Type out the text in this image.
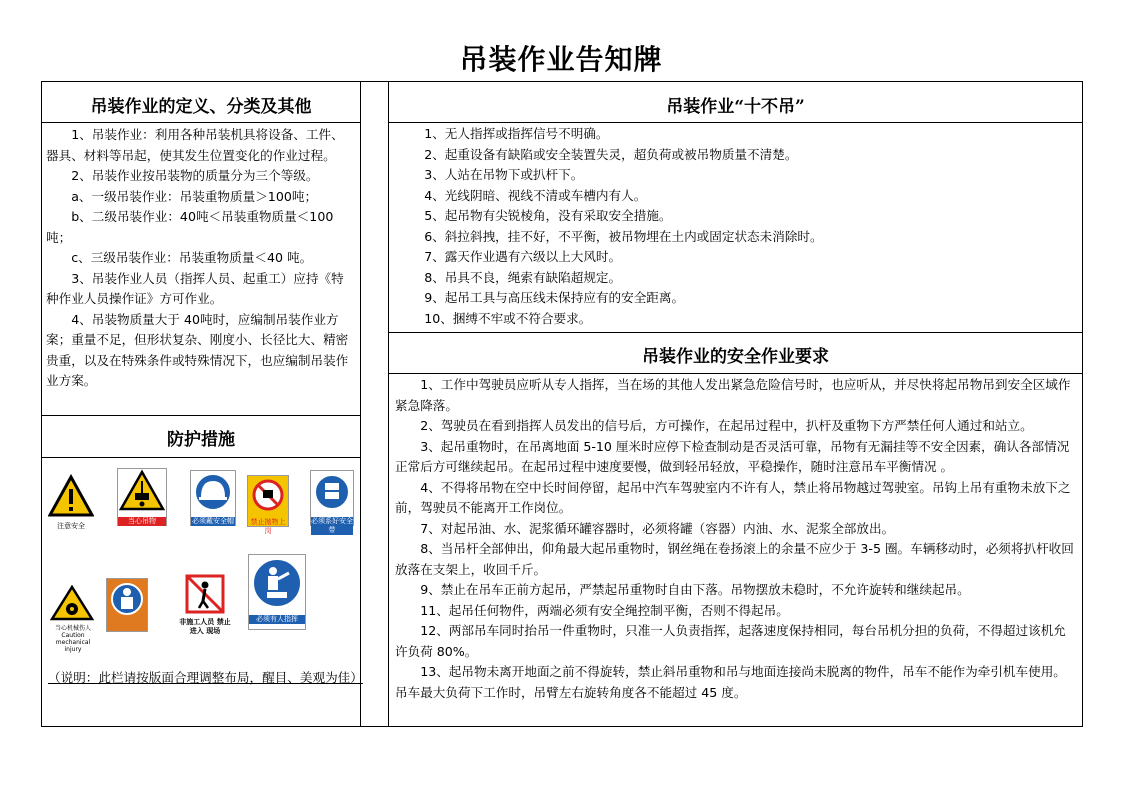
吊装作业告知牌
吊装作业的定义、分类及其他

1、吊装作业：利用各种吊装机具将设备、工件、器具、材料等吊起，使其发生位置变化的作业过程。

2、吊装作业按吊装物的质量分为三个等级。

a、一级吊装作业：吊装重物质量＞100吨；

b、二级吊装作业：40吨＜吊装重物质量＜100吨；

c、三级吊装作业：吊装重物质量＜40 吨。

3、吊装作业人员（指挥人员、起重工）应持《特种作业人员操作证》方可作业。

4、吊装物质量大于 40吨时，应编制吊装作业方案；重量不足，但形状复杂、刚度小、长径比大、精密贵重，以及在特殊条件或特殊情况下，也应编制吊装作业方案。

防护措施
注意安全
当心吊物	必须戴安全帽	禁止抛物上岗
必须系好安全带
当心机械伤人 Caution mechanical injury
非施工人员 禁止进入 现场
必须有人指挥
（说明：此栏请按版面合理调整布局，醒目、美观为佳）
吊装作业“十不吊”

1、无人指挥或指挥信号不明确。

2、起重设备有缺陷或安全装置失灵，超负荷或被吊物质量不清楚。

3、人站在吊物下或扒杆下。

4、光线阴暗、视线不清或车槽内有人。

5、起吊物有尖锐棱角，没有采取安全措施。

6、斜拉斜拽，挂不好，不平衡，被吊物埋在土内或固定状态未消除时。

7、露天作业遇有六级以上大风时。

8、吊具不良，绳索有缺陷超规定。

9、起吊工具与高压线未保持应有的安全距离。

10、捆缚不牢或不符合要求。

吊装作业的安全作业要求

1、工作中驾驶员应听从专人指挥，当在场的其他人发出紧急危险信号时，也应听从，并尽快将起吊物吊到安全区域作紧急降落。

2、驾驶员在看到指挥人员发出的信号后，方可操作，在起吊过程中，扒杆及重物下方严禁任何人通过和站立。

3、起吊重物时，在吊离地面 5-10 厘米时应停下检查制动是否灵活可靠，吊物有无漏挂等不安全因素，确认各部情况正常后方可继续起吊。在起吊过程中速度要慢，做到轻吊轻放，平稳操作，随时注意吊车平衡情况 。

4、不得将吊物在空中长时间停留，起吊中汽车驾驶室内不许有人，禁止将吊物越过驾驶室。吊钩上吊有重物未放下之前，驾驶员不能离开工作岗位。

7、对起吊油、水、泥浆循环罐容器时，必须将罐（容器）内油、水、泥浆全部放出。

8、当吊杆全部伸出，仰角最大起吊重物时，钢丝绳在卷扬滚上的余量不应少于 3-5 圈。车辆移动时，必须将扒杆收回放落在支架上，收回千斤。

9、禁止在吊车正前方起吊，严禁起吊重物时自由下落。吊物摆放未稳时，不允许旋转和继续起吊。

11、起吊任何物件，两端必须有安全绳控制平衡，否则不得起吊。

12、两部吊车同时抬吊一件重物时，只准一人负责指挥，起落速度保持相同，每台吊机分担的负荷，不得超过该机允许负荷 80%。

13、起吊物未离开地面之前不得旋转，禁止斜吊重物和吊与地面连接尚未脱离的物件，吊车不能作为牵引机车使用。吊车最大负荷下工作时，吊臂左右旋转角度各不能超过 45 度。
